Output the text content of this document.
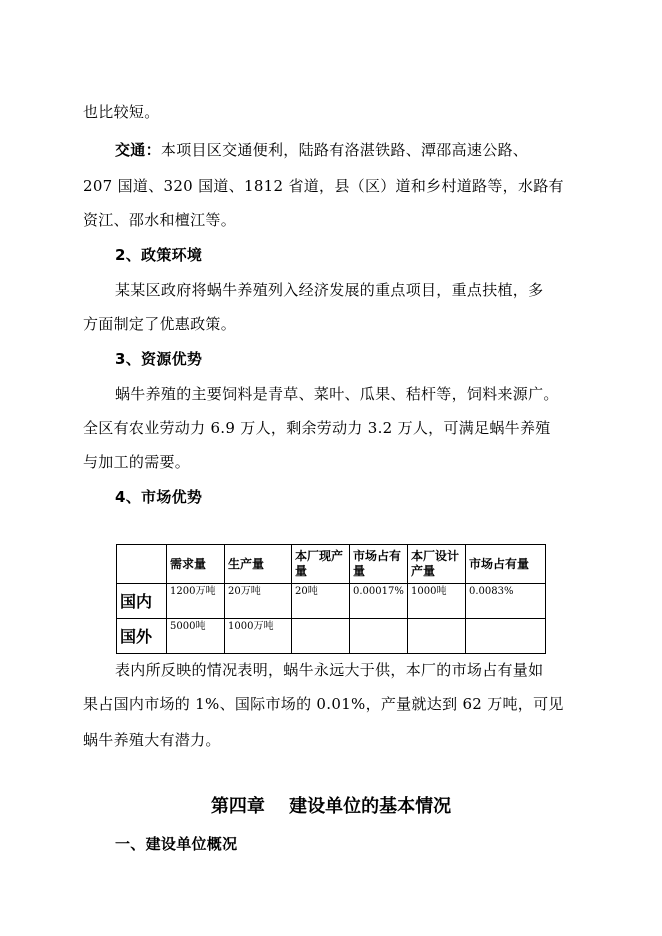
也比较短。
交通：本项目区交通便利，陆路有洛湛铁路、潭邵高速公路、
207 国道、320 国道、1812 省道，县（区）道和乡村道路等，水路有
资江、邵水和檀江等。
2、政策环境
某某区政府将蜗牛养殖列入经济发展的重点项目，重点扶植，多
方面制定了优惠政策。
3、资源优势
蜗牛养殖的主要饲料是青草、菜叶、瓜果、秸杆等，饲料来源广。
全区有农业劳动力 6.9 万人，剩余劳动力 3.2 万人，可满足蜗牛养殖
与加工的需要。
4、市场优势
	需求量	生产量	本厂现产　量	市场占有　量	本厂设计产量	市场占有量
国内	1200万吨	20万吨	20吨	0.00017%	1000吨	0.0083%
国外	5000吨	1000万吨				
表内所反映的情况表明，蜗牛永远大于供，本厂的市场占有量如
果占国内市场的 1%、国际市场的 0.01%，产量就达到 62 万吨，可见
蜗牛养殖大有潜力。
第四章　 建设单位的基本情况
一、建设单位概况
